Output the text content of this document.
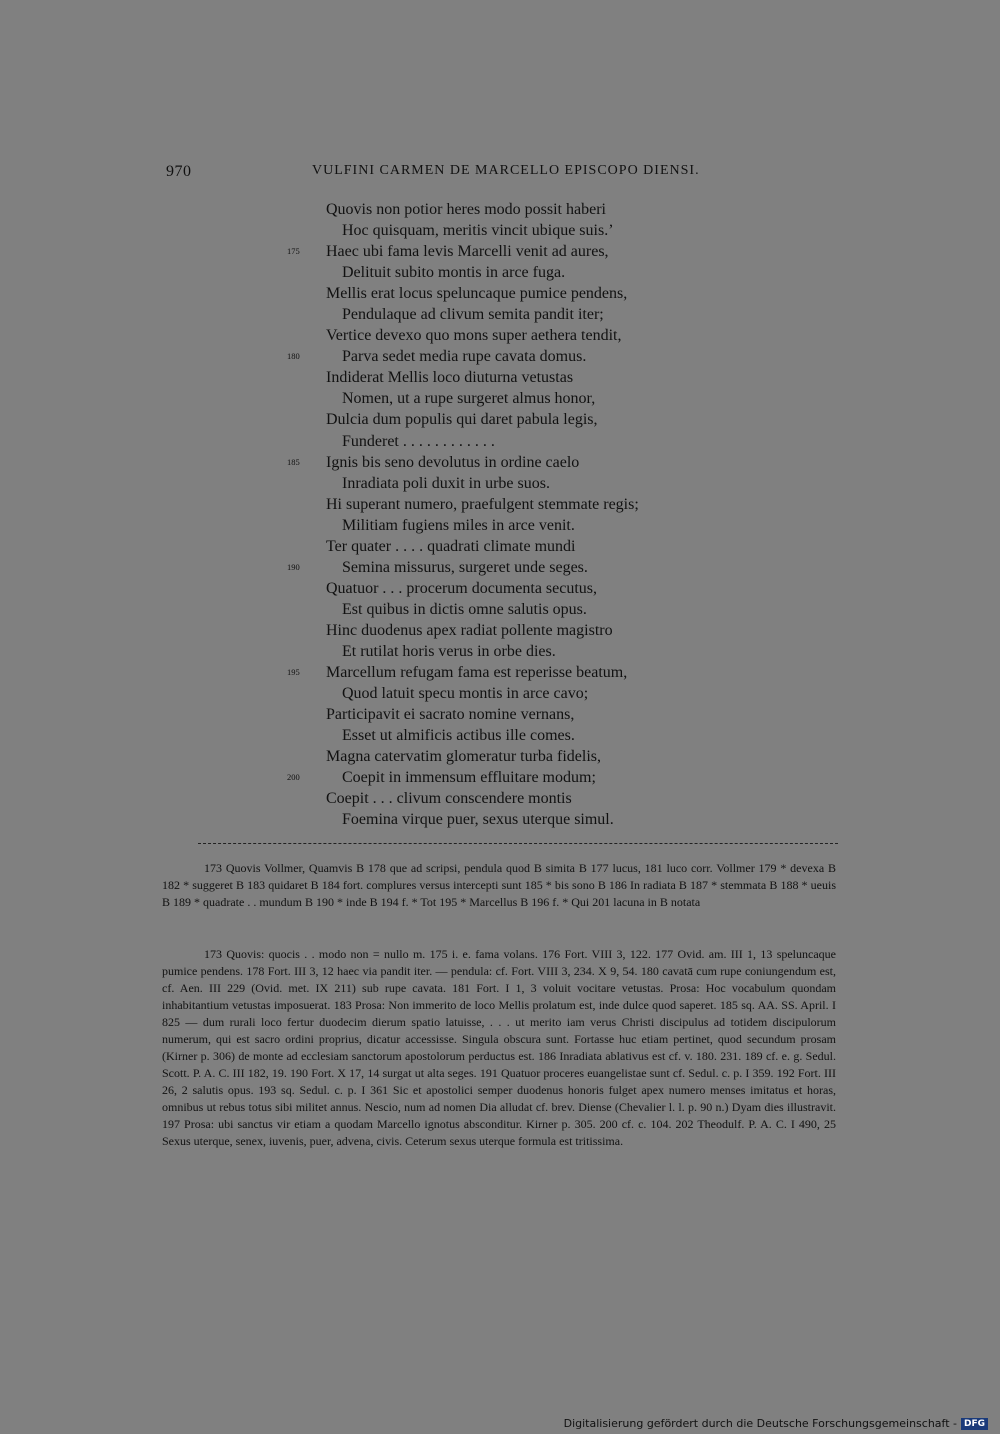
970	VULFINI CARMEN DE MARCELLO EPISCOPO DIENSI.
Quovis non potior heres modo possit haberi
Hoc quisquam, meritis vincit ubique suis.’
175 Haec ubi fama levis Marcelli venit ad aures,
Delituit subito montis in arce fuga.
Mellis erat locus speluncaque pumice pendens,
Pendulaque ad clivum semita pandit iter;
Vertice devexo quo mons super aethera tendit,
180	Parva sedet media rupe cavata domus.
Indiderat Mellis loco diuturna vetustas
Nomen, ut a rupe surgeret almus honor,
Dulcia dum populis qui daret pabula legis,
Funderet . . . . . . . . . . . .
185 Ignis bis seno devolutus in ordine caelo
Inradiata poli duxit in urbe suos.
Hi superant numero, praefulgent stemmate regis;
Militiam fugiens miles in arce venit.
Ter quater . . . . quadrati climate mundi
190	Semina missurus, surgeret unde seges.
Quatuor . . . procerum documenta secutus,
Est quibus in dictis omne salutis opus.
Hinc duodenus apex radiat pollente magistro
Et rutilat horis verus in orbe dies.
195 Marcellum refugam fama est reperisse beatum,
Quod latuit specu montis in arce cavo;
Participavit ei sacrato nomine vernans,
Esset ut almificis actibus ille comes.
Magna catervatim glomeratur turba fidelis,
200	Coepit in immensum effluitare modum;
Coepit . . . clivum conscendere montis
Foemina virque puer, sexus uterque simul.

173 Quovis Vollmer, Quamvis B 178 que ad scripsi, pendula quod B simita B 177 lucus, 181 luco corr. Vollmer 179 * devexa B 182 * suggeret B 183 quidaret B 184 fort. complures versus intercepti sunt 185 * bis sono B 186 In radiata B 187 * stemmata B 188 * ueuis B 189 * quadrate . . mundum B 190 * inde B 194 f. * Tot 195 * Marcellus B 196 f. * Qui 201 lacuna in B notata

173 Quovis: quocis . . modo non = nullo m. 175 i. e. fama volans. 176 Fort. VIII 3, 122. 177 Ovid. am. III 1, 13 speluncaque pumice pendens. 178 Fort. III 3, 12 haec via pandit iter. — pendula: cf. Fort. VIII 3, 234. X 9, 54. 180 cavatā cum rupe coniungendum est, cf. Aen. III 229 (Ovid. met. IX 211) sub rupe cavata. 181 Fort. I 1, 3 voluit vocitare vetustas. Prosa: Hoc vocabulum quondam inhabitantium vetustas imposuerat. 183 Prosa: Non immerito de loco Mellis prolatum est, inde dulce quod saperet. 185 sq. AA. SS. April. I 825 — dum rurali loco fertur duodecim dierum spatio latuisse, . . . ut merito iam verus Christi discipulus ad totidem discipulorum numerum, qui est sacro ordini proprius, dicatur accessisse. Singula obscura sunt. Fortasse huc etiam pertinet, quod secundum prosam (Kirner p. 306) de monte ad ecclesiam sanctorum apostolorum perductus est. 186 Inradiata ablativus est cf. v. 180. 231. 189 cf. e. g. Sedul. Scott. P. A. C. III 182, 19. 190 Fort. X 17, 14 surgat ut alta seges. 191 Quatuor proceres euangelistae sunt cf. Sedul. c. p. I 359. 192 Fort. III 26, 2 salutis opus. 193 sq. Sedul. c. p. I 361 Sic et apostolici semper duodenus honoris fulget apex numero menses imitatus et horas, omnibus ut rebus totus sibi militet annus. Nescio, num ad nomen Dia alludat cf. brev. Diense (Chevalier l. l. p. 90 n.) Dyam dies illustravit. 197 Prosa: ubi sanctus vir etiam a quodam Marcello ignotus absconditur. Kirner p. 305. 200 cf. c. 104. 202 Theodulf. P. A. C. I 490, 25 Sexus uterque, senex, iuvenis, puer, advena, civis. Ceterum sexus uterque formula est tritissima.

Digitalisierung gefördert durch die Deutsche Forschungsgemeinschaft - DFG
